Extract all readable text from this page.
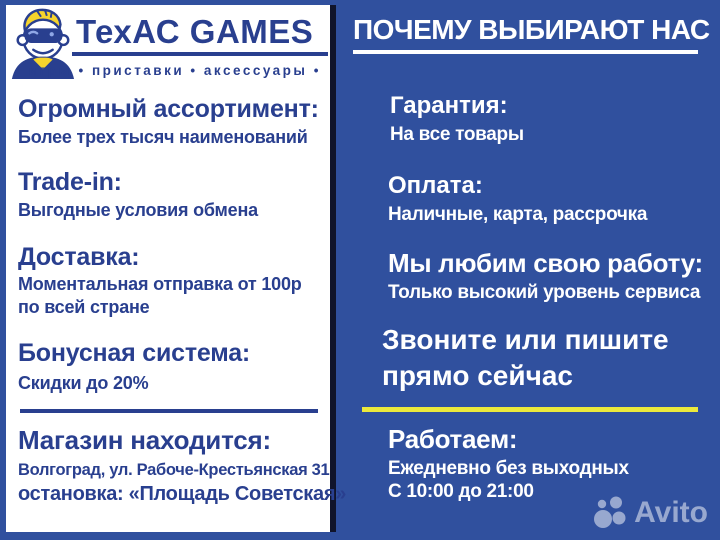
ТехАС GAMES
• игры • приставки • аксессуары •
Огромный ассортимент:
Более трех тысяч наименований
Trade-in:
Выгодные условия обмена
Доставка:
Моментальная отправка от 100р
по всей стране
Бонусная система:
Скидки до 20%
Магазин находится:
Волгоград, ул. Рабоче-Крестьянская 31
остановка: «Площадь Советская»
ПОЧЕМУ ВЫБИРАЮТ НАС
Гарантия:
На все товары
Оплата:
Наличные, карта, рассрочка
Мы любим свою работу:
Только высокий уровень сервиса
Звоните или пишите
прямо сейчас
Работаем:
Ежедневно без выходных
С 10:00 до 21:00
Avito
